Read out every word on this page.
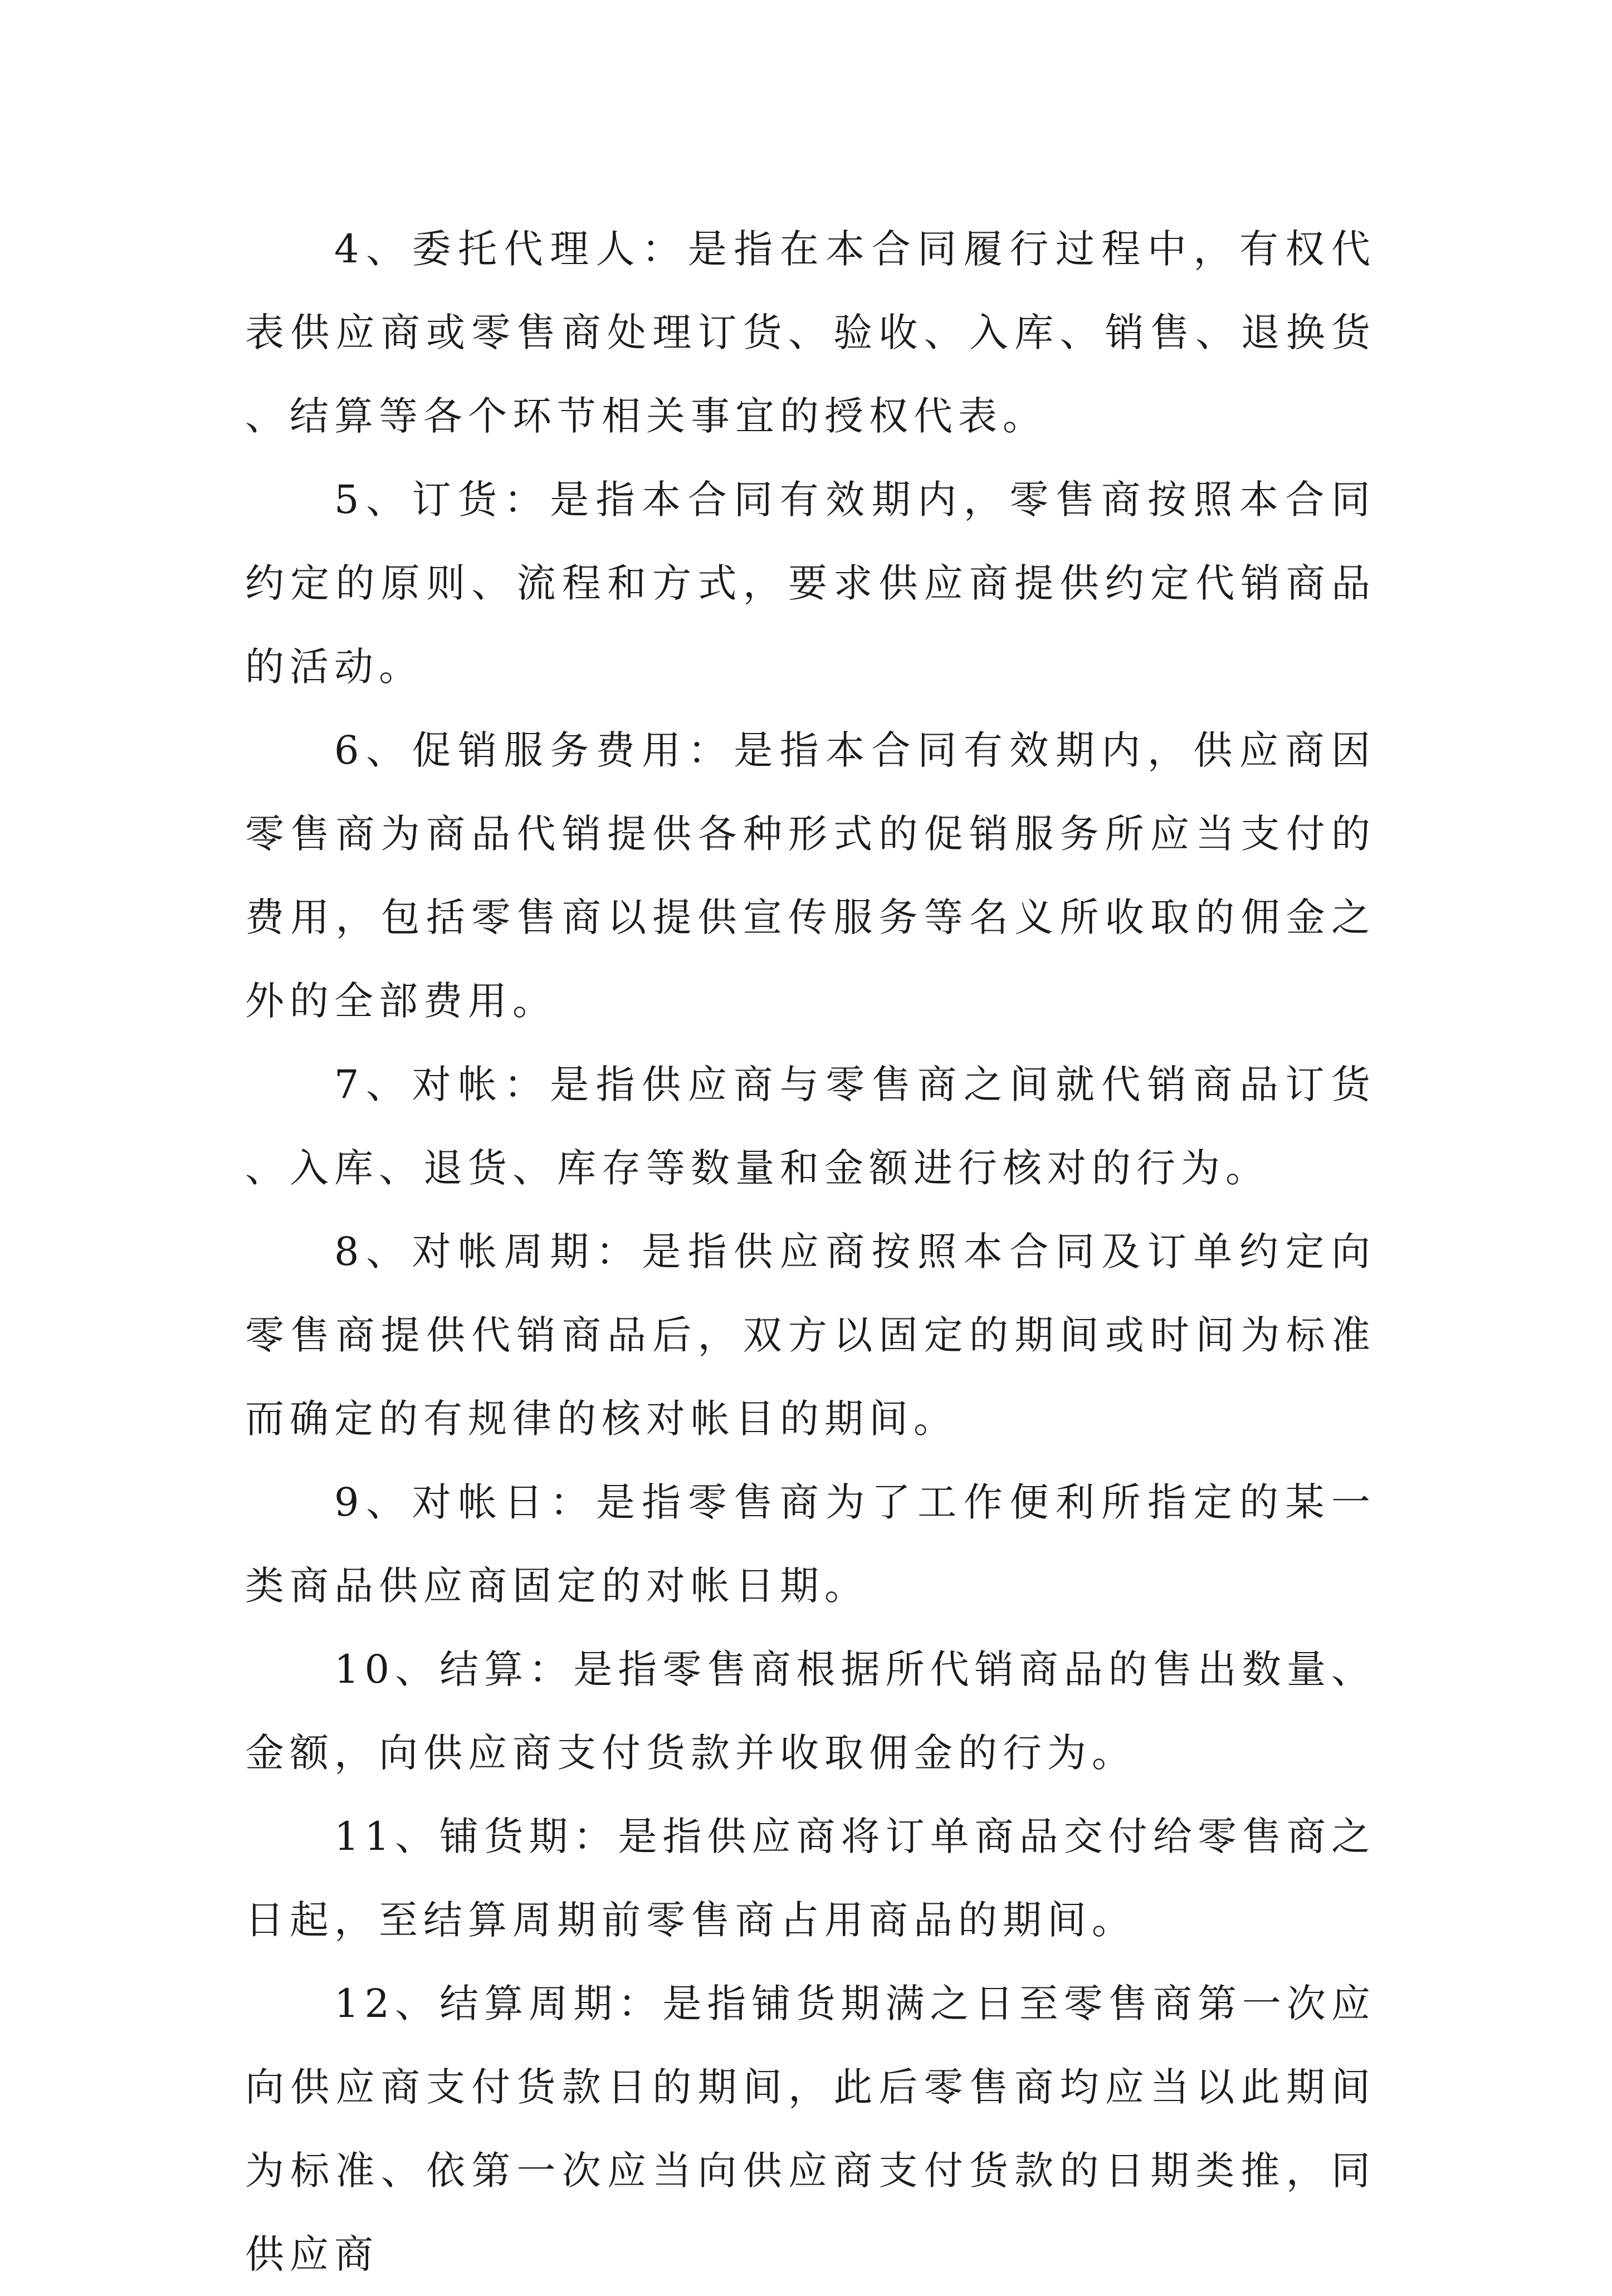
4、委托代理人：是指在本合同履行过程中，有权代表供应商或零售商处理订货、验收、入库、销售、退换货、结算等各个环节相关事宜的授权代表。

5、订货：是指本合同有效期内，零售商按照本合同约定的原则、流程和方式，要求供应商提供约定代销商品的活动。

6、促销服务费用：是指本合同有效期内，供应商因零售商为商品代销提供各种形式的促销服务所应当支付的费用，包括零售商以提供宣传服务等名义所收取的佣金之外的全部费用。

7、对帐：是指供应商与零售商之间就代销商品订货、入库、退货、库存等数量和金额进行核对的行为。

8、对帐周期：是指供应商按照本合同及订单约定向零售商提供代销商品后，双方以固定的期间或时间为标准而确定的有规律的核对帐目的期间。

9、对帐日：是指零售商为了工作便利所指定的某一类商品供应商固定的对帐日期。

10、结算：是指零售商根据所代销商品的售出数量、金额，向供应商支付货款并收取佣金的行为。

11、铺货期：是指供应商将订单商品交付给零售商之日起，至结算周期前零售商占用商品的期间。

12、结算周期：是指铺货期满之日至零售商第一次应向供应商支付货款日的期间，此后零售商均应当以此期间为标准、依第一次应当向供应商支付货款的日期类推，同供应商
